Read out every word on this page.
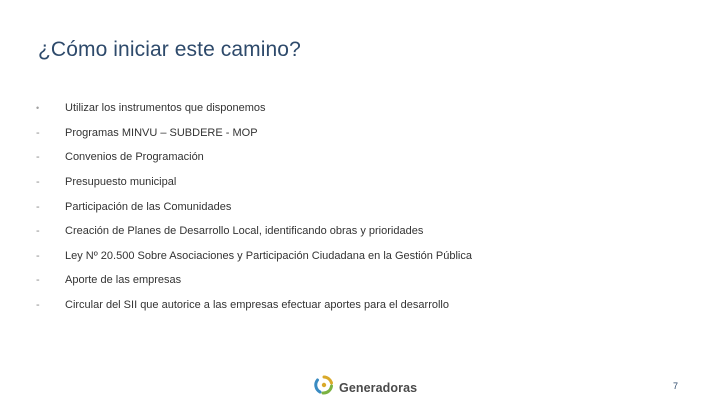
¿Cómo iniciar este camino?
•	Utilizar los instrumentos que disponemos
-	Programas MINVU – SUBDERE - MOP
-	Convenios de Programación
-	Presupuesto municipal
-	Participación de las Comunidades
-	Creación de Planes de Desarrollo Local, identificando obras y prioridades
-	Ley Nº 20.500 Sobre Asociaciones y Participación Ciudadana en la Gestión Pública
-	Aporte de las empresas
-	Circular del SII que autorice a las empresas efectuar aportes para el desarrollo
Generadoras	7
